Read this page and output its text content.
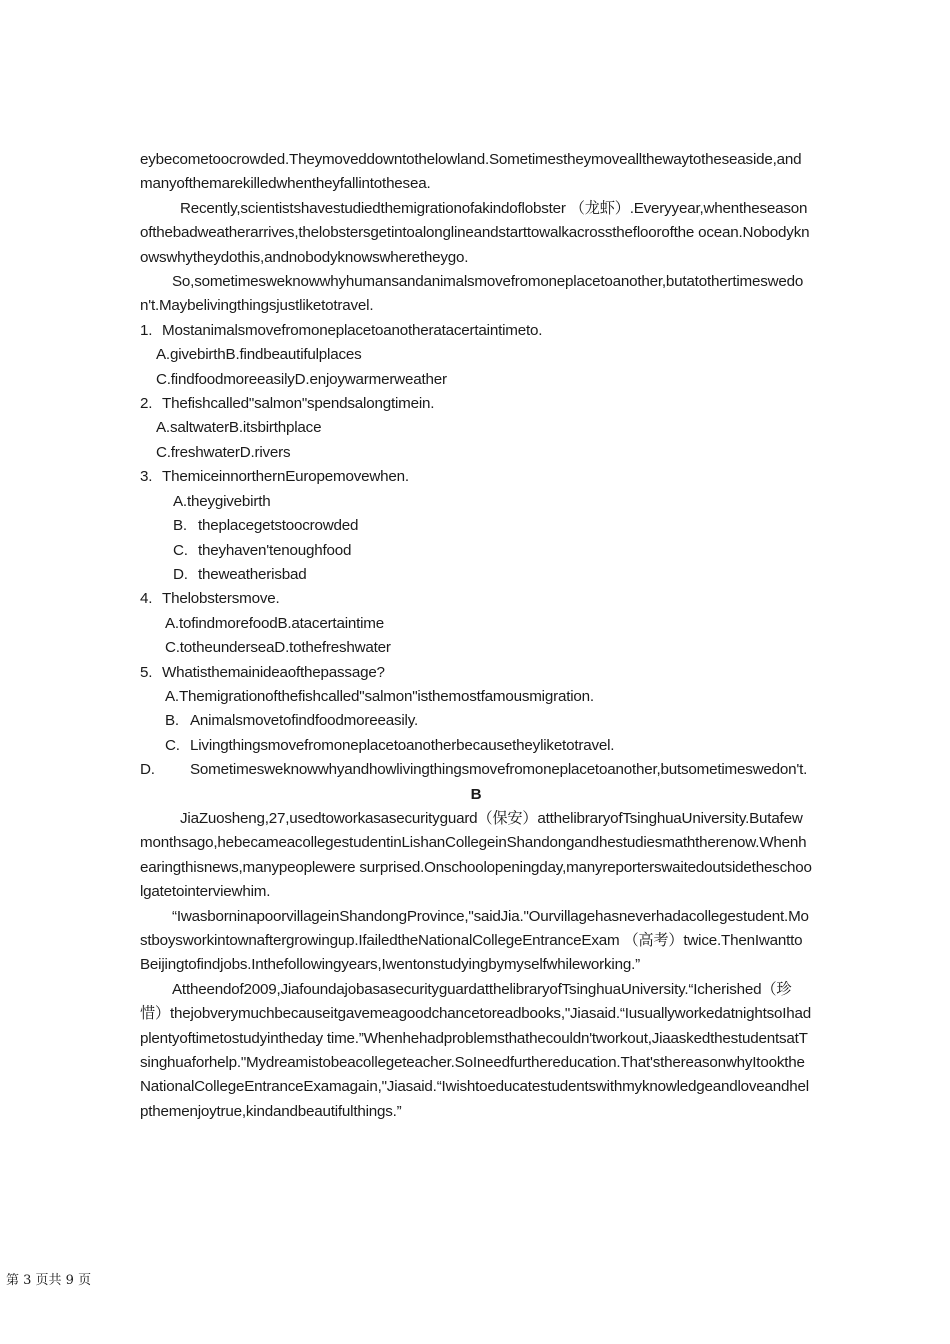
eybecometoocrowded.Theymoveddowntothelowland.Sometimestheymoveallthewaytotheseaside,andmanyofthemarekilledwhentheyfallintothesea.

Recently,scientistshavestudiedthemigrationofakindoflobster （龙虾）.Everyyear,whentheseasonofthebadweatherarrives,thelobstersgetintoalonglineandstarttowalkacrossthefloorofthe ocean.Nobodyknowswhytheydothis,andnobodyknowswheretheygo.

So,sometimesweknowwhyhumansandanimalsmovefromoneplacetoanother,butatothertimeswedon't.Maybelivingthingsjustliketotravel.

1. Mostanimalsmovefromoneplacetoanotheratacertaintimeto.
A.givebirthB.findbeautifulplaces
C.findfoodmoreeasilyD.enjoywarmerweather
2. Thefishcalled"salmon"spendsalongtimein.
A.saltwaterB.itsbirthplace
C.freshwaterD.rivers
3. ThemiceinnorthernEuropemovewhen.
A.theygivebirth
B. theplacegetstoocrowded
C. theyhaven'tenoughfood
D. theweatherisbad
4. Thelobstersmove.
A.tofindmorefoodB.atacertaintime
C.totheunderseaD.tothefreshwater
5. Whatisthemainideaofthepassage?
A.Themigrationofthefishcalled"salmon"isthemostfamousmigration.
B. Animalsmovetofindfoodmoreeasily.
C. Livingthingsmovefromoneplacetoanotherbecausetheyliketotravel.
D. Sometimesweknowwhyandhowlivingthingsmovefromoneplacetoanother,butsometimeswedon't.

B

JiaZuosheng,27,usedtoworkasasecurityguard（保安）atthelibraryofTsinghuaUniversity.Butafewmonthsago,hebecameacollegestudentinLishanCollegeinShandongandhestudiesmaththerenow.Whenhearingthisnews,manypeoplewere surprised.Onschoolopeningday,manyreporterswaitedoutsidetheschoolgatetointerviewhim.

“IwasborninapoorvillageinShandongProvince,"saidJia."Ourvillagehasneverhadacollegestudent.Mostboysworkintownaftergrowingup.IfailedtheNationalCollegeEntranceExam （高考）twice.ThenIwanttoBeijingtofindjobs.Inthefollowingyears,Iwentonstudyingbymyselfwhileworking.”

Attheendof2009,JiafoundajobasasecurityguardatthelibraryofTsinghuaUniversity.“Icherished（珍惜）thejobverymuchbecauseitgavemeagoodchancetoreadbooks,"Jiasaid.“IusuallyworkedatnightsoIhadplentyoftimetostudyintheday time.”Whenhehadproblemsthathecouldn'tworkout,JiaaskedthestudentsatTsinghuaforhelp."Mydreamistobeacollegeteacher.SoIneedfurthereducation.That'sthereasonwhyItooktheNationalCollegeEntranceExamagain,"Jiasaid.“Iwishtoeducatestudentswithmyknowledgeandloveandhelpthemenjoytrue,kindandbeautifulthings.”

第 3 页共 9 页
